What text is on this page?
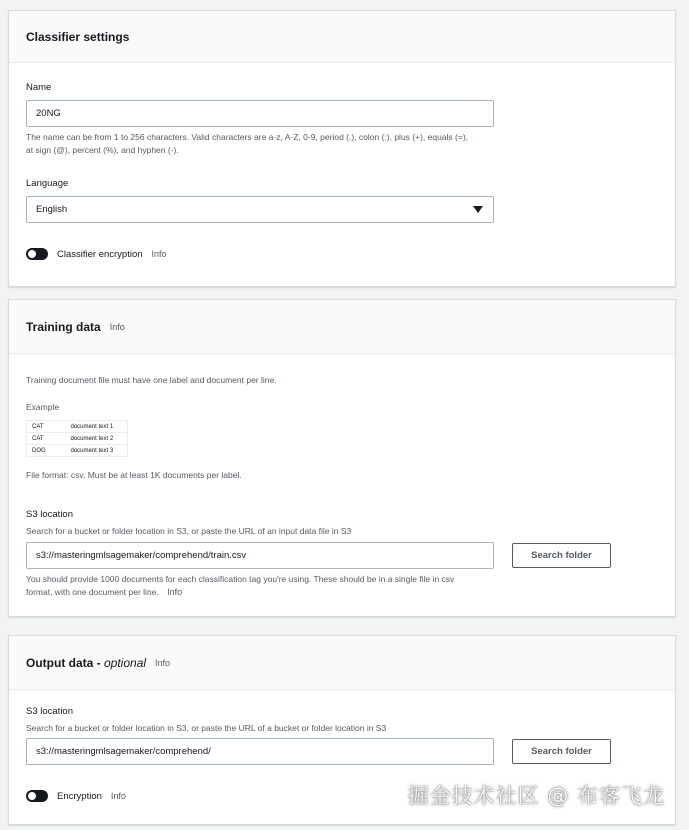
Classifier settings
Name
20NG
The name can be from 1 to 256 characters. Valid characters are a-z, A-Z, 0-9, period (.), colon (:), plus (+), equals (=),
at sign (@), percent (%), and hyphen (-).
Language
English
Classifier encryption Info
Training data Info
Training document file must have one label and document per line.
Example
CAT	document text 1
CAT	document text 2
DOG	document text 3
File format: csv. Must be at least 1K documents per label.
S3 location
Search for a bucket or folder location in S3, or paste the URL of an input data file in S3
s3://masteringmlsagemaker/comprehend/train.csv	Search folder
You should provide 1000 documents for each classification tag you're using. These should be in a single file in csv
format, with one document per line. Info
Output data - optional Info
S3 location
Search for a bucket or folder location in S3, or paste the URL of a bucket or folder location in S3
s3://masteringmlsagemaker/comprehend/	Search folder
Encryption Info	掘金技术社区 @ 布客飞龙
